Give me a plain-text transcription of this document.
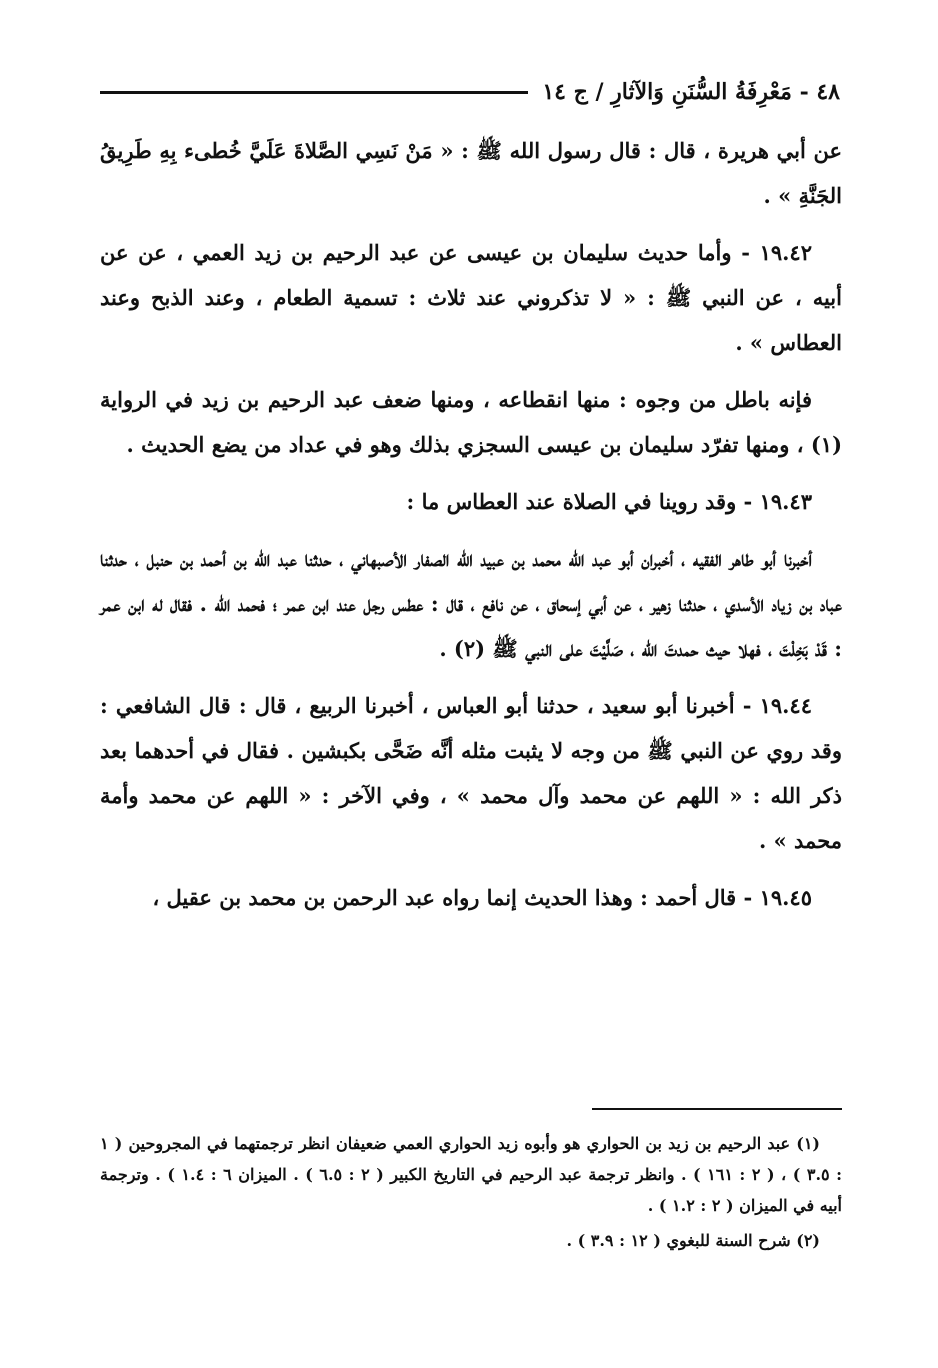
٤٨ - مَعْرِفَةُ السُّنَنِ وَالآثارِ / ج ١٤

عن أبي هريرة ، قال : قال رسول الله ﷺ : « مَنْ نَسِي الصَّلاةَ عَلَيَّ خُطىء بِهِ طَرِيقُ الجَنَّةِ » .

١٩.٤٢ - وأما حديث سليمان بن عيسى عن عبد الرحيم بن زيد العمي ، عن عن أبيه ، عن النبي ﷺ : « لا تذكروني عند ثلاث : تسمية الطعام ، وعند الذبح وعند العطاس » .

فإنه باطل من وجوه : منها انقطاعه ، ومنها ضعف عبد الرحيم بن زيد في الرواية (١) ، ومنها تفرّد سليمان بن عيسى السجزي بذلك وهو في عداد من يضع الحديث .

١٩.٤٣ - وقد روينا في الصلاة عند العطاس ما :

أخبرنا أبو طاهر الفقيه ، أخبران أبو عبد الله محمد بن عبيد الله الصفار الأصبهاني ، حدثنا عبد الله بن أحمد بن حنبل ، حدثنا عباد بن زياد الأسدي ، حدثنا زهير ، عن أبي إسحاق ، عن نافع ، قال : عطس رجل عند ابن عمر ؛ فحمد الله . فقال له ابن عمر : قَدْ بَخِلْتَ ، فهلا حيث حمدتَ الله ، صَلَّيْتَ على النبي ﷺ (٢) .

١٩.٤٤ - أخبرنا أبو سعيد ، حدثنا أبو العباس ، أخبرنا الربيع ، قال : قال الشافعي : وقد روي عن النبي ﷺ من وجه لا يثبت مثله أنَّه ضَحَّى بكبشين . فقال في أحدهما بعد ذكر الله : « اللهم عن محمد وآل محمد » ، وفي الآخر : « اللهم عن محمد وأمة محمد » .

١٩.٤٥ - قال أحمد : وهذا الحديث إنما رواه عبد الرحمن بن محمد بن عقيل ،

(١) عبد الرحيم بن زيد بن الحواري هو وأبوه زيد الحواري العمي ضعيفان انظر ترجمتهما في المجروحين ( ١ : ٣.٥ ) ، ( ٢ : ١٦١ ) . وانظر ترجمة عبد الرحيم في التاريخ الكبير ( ٢ : ٦.٥ ) . الميزان ٦ : ١.٤ ) . وترجمة أبيه في الميزان ( ٢ : ١.٢ ) .

(٢) شرح السنة للبغوي ( ١٢ : ٣.٩ ) .
